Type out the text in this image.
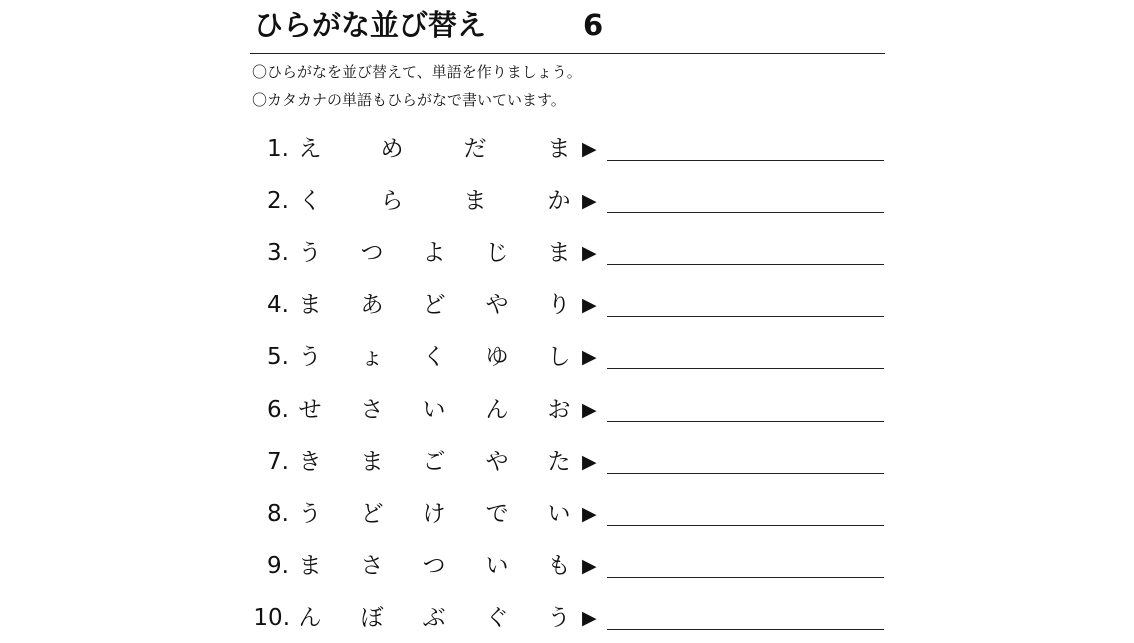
ひらがな並び替え	6
〇ひらがなを並び替えて、単語を作りましょう。
〇カタカナの単語もひらがなで書いています。
1. え	め	だ	ま ▶
2. く	ら	ま	か ▶
3. う つ よ じ ま ▶
4. ま あ ど や り ▶
5. う ょ く ゆ し ▶
6. せ さ い ん お ▶
7. き ま ご や た ▶
8. う ど け で い ▶
9. ま さ つ い も ▶
10. ん ぼ ぶ ぐ う ▶
